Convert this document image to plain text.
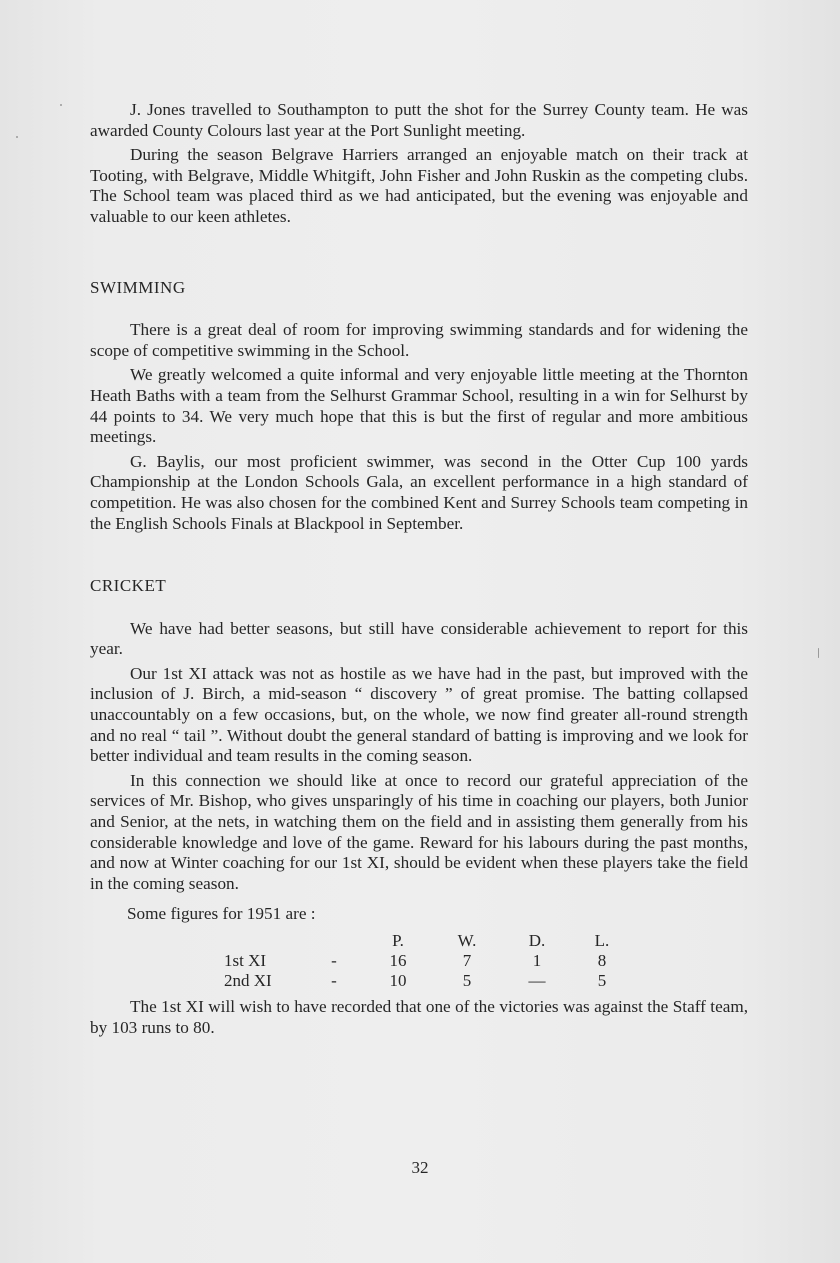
J. Jones travelled to Southampton to putt the shot for the Surrey County team. He was awarded County Colours last year at the Port Sunlight meeting.

During the season Belgrave Harriers arranged an enjoyable match on their track at Tooting, with Belgrave, Middle Whitgift, John Fisher and John Ruskin as the competing clubs. The School team was placed third as we had anticipated, but the evening was enjoyable and valuable to our keen athletes.

SWIMMING

There is a great deal of room for improving swimming standards and for widening the scope of competitive swimming in the School.

We greatly welcomed a quite informal and very enjoyable little meeting at the Thornton Heath Baths with a team from the Selhurst Grammar School, resulting in a win for Selhurst by 44 points to 34. We very much hope that this is but the first of regular and more ambitious meetings.

G. Baylis, our most proficient swimmer, was second in the Otter Cup 100 yards Championship at the London Schools Gala, an excellent performance in a high standard of competition. He was also chosen for the combined Kent and Surrey Schools team competing in the English Schools Finals at Blackpool in September.

CRICKET

We have had better seasons, but still have considerable achievement to report for this year.

Our 1st XI attack was not as hostile as we have had in the past, but improved with the inclusion of J. Birch, a mid-season “ discovery ” of great promise. The batting collapsed unaccountably on a few occasions, but, on the whole, we now find greater all-round strength and no real “ tail ”. Without doubt the general standard of batting is improving and we look for better individual and team results in the coming season.

In this connection we should like at once to record our grateful appreciation of the services of Mr. Bishop, who gives unsparingly of his time in coaching our players, both Junior and Senior, at the nets, in watching them on the field and in assisting them generally from his considerable knowledge and love of the game. Reward for his labours during the past months, and now at Winter coaching for our 1st XI, should be evident when these players take the field in the coming season.

Some figures for 1951 are :

		P.	W.	D.	L.
1st XI	-	16	7	1	8
2nd XI	-	10	5	—	5

The 1st XI will wish to have recorded that one of the victories was against the Staff team, by 103 runs to 80.

32
